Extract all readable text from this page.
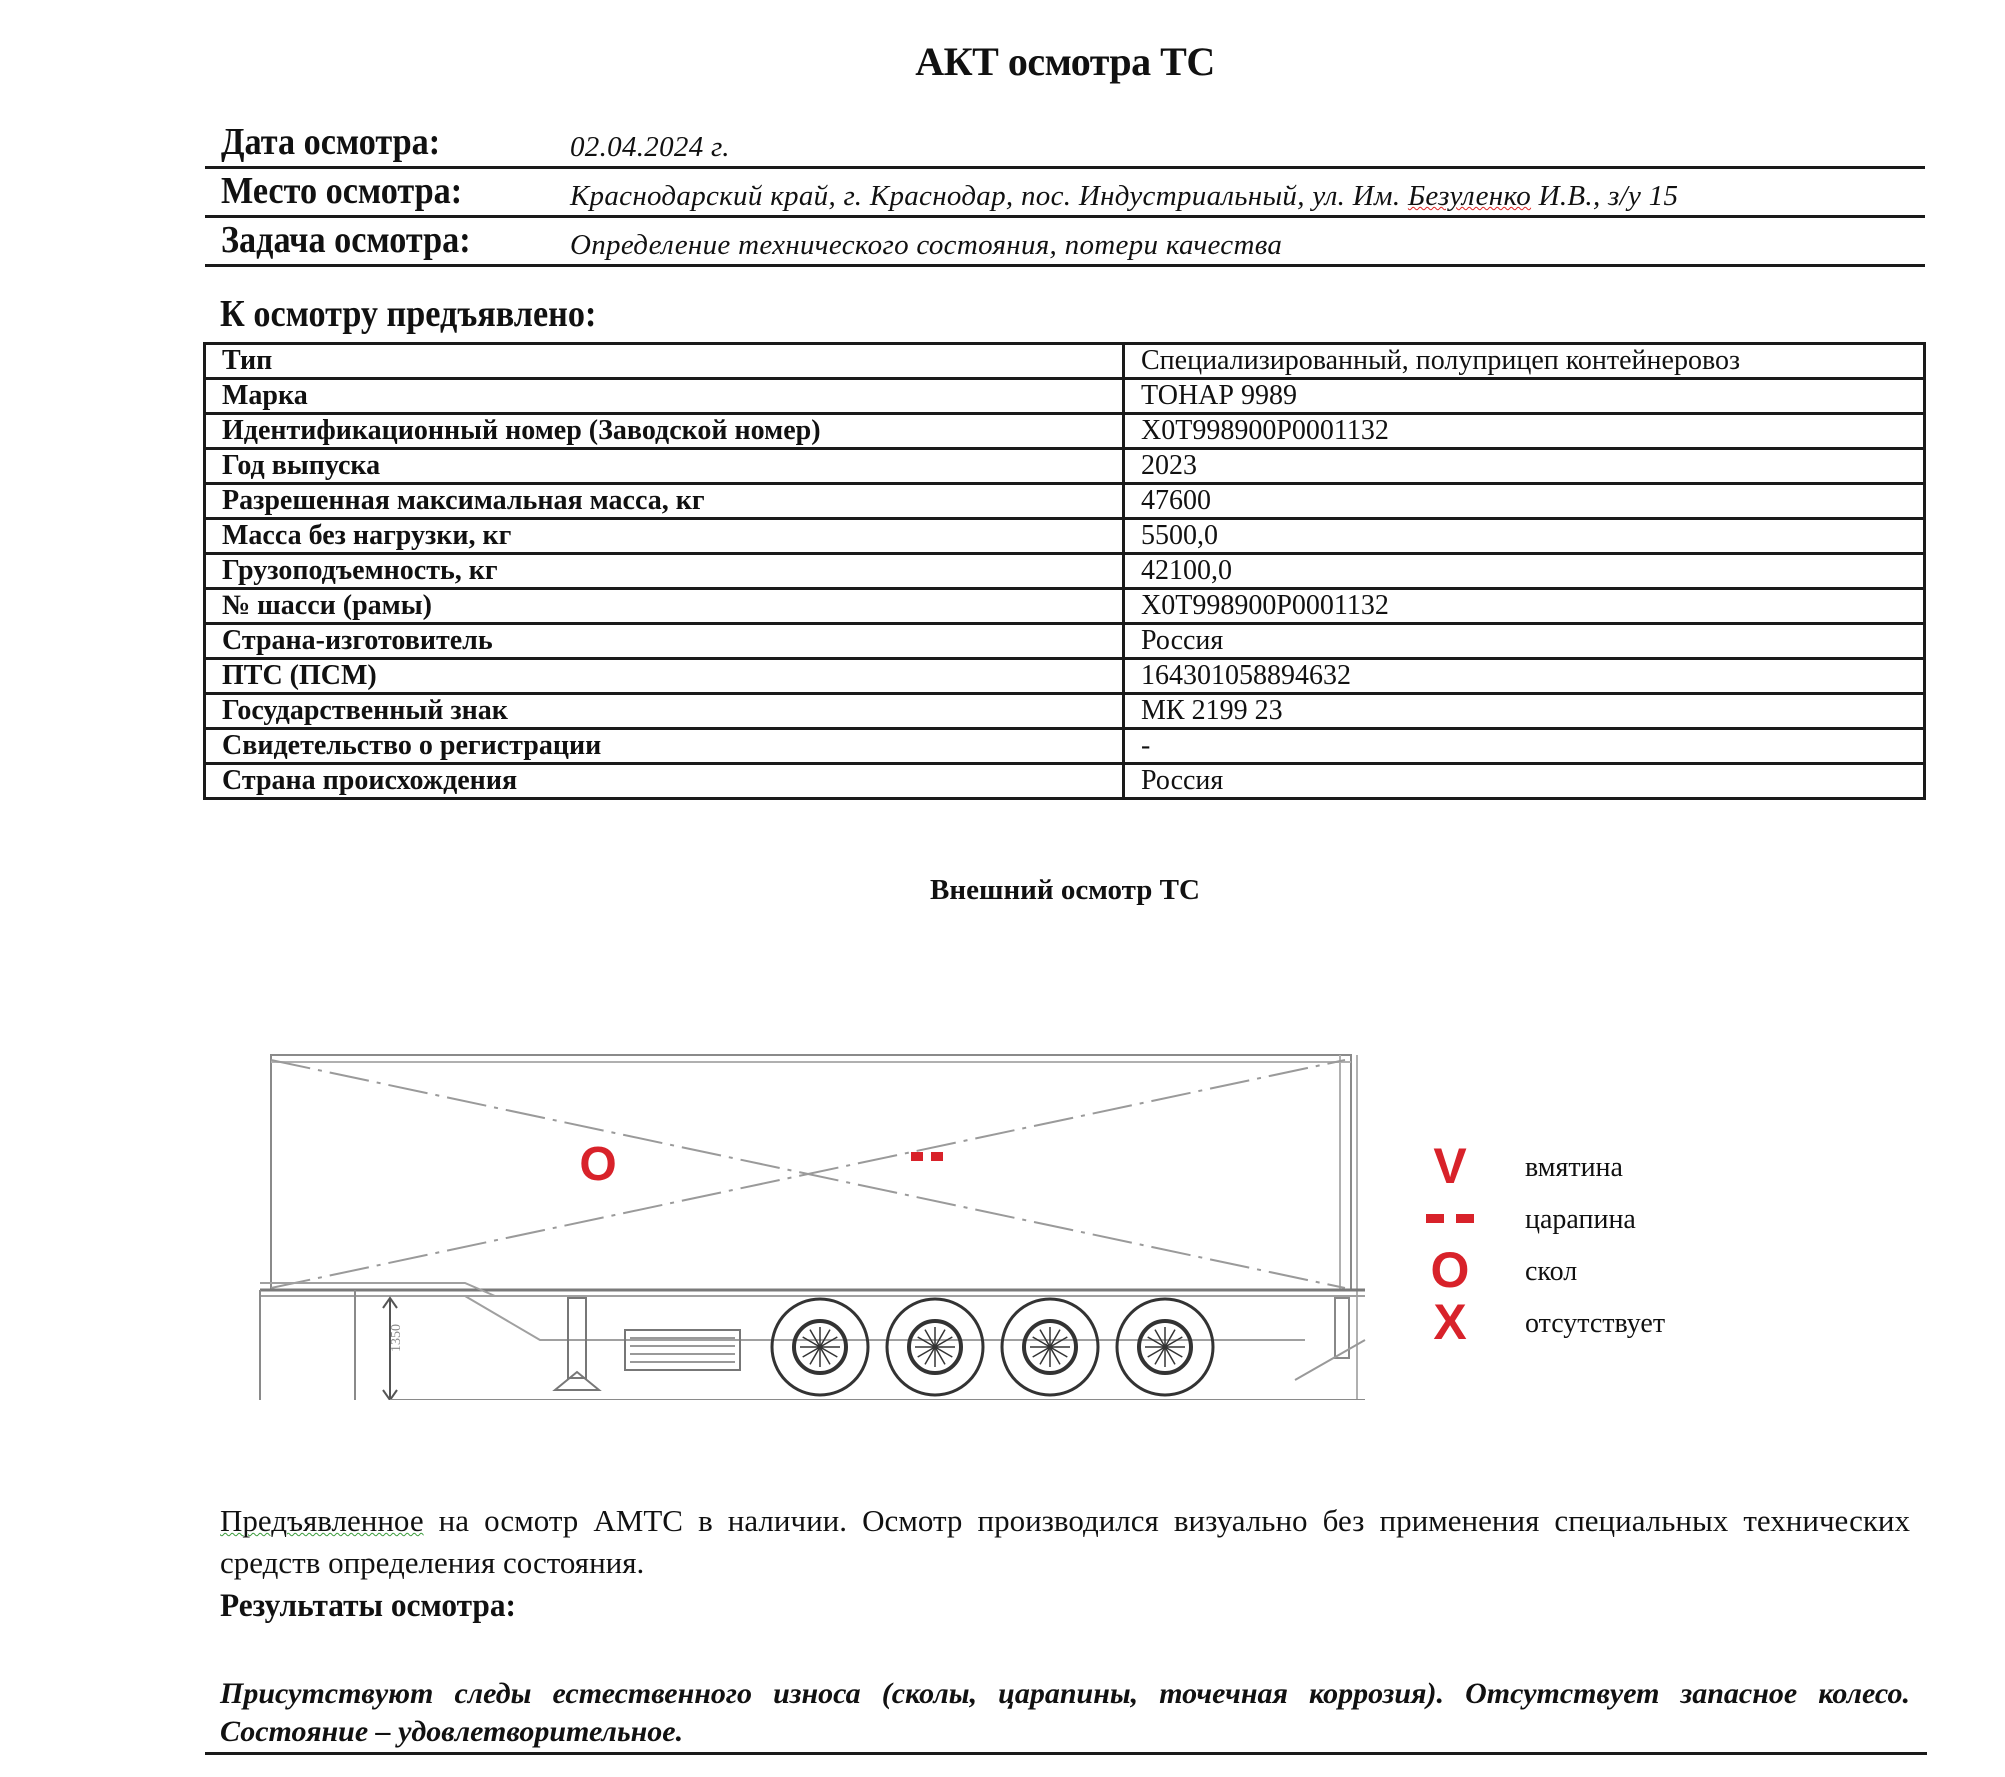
АКТ осмотра ТС
Дата осмотра:	02.04.2024 г.
Место осмотра:	Краснодарский край, г. Краснодар, пос. Индустриальный, ул. Им. Безуленко И.В., з/у 15
Задача осмотра:	Определение технического состояния, потери качества
К осмотру предъявлено:
Тип	Специализированный, полуприцеп контейнеровоз
Марка	ТОНАР 9989
Идентификационный номер (Заводской номер)	X0T998900P0001132
Год выпуска	2023
Разрешенная максимальная масса, кг	47600
Масса без нагрузки, кг	5500,0
Грузоподъемность, кг	42100,0
№ шасси (рамы)	X0T998900P0001132
Страна-изготовитель	Россия
ПТС (ПСМ)	164301058894632
Государственный знак	МК 2199 23
Свидетельство о регистрации	-
Страна происхождения	Россия
Внешний осмотр ТС
1350
O	V	вмятина
царапина
O	скол
X	отсутствует
Предъявленное на осмотр АМТС в наличии. Осмотр производился визуально без применения специальных технических средств определения состояния.
Результаты осмотра:
Присутствуют следы естественного износа (сколы, царапины, точечная коррозия). Отсутствует запасное колесо. Состояние – удовлетворительное.
